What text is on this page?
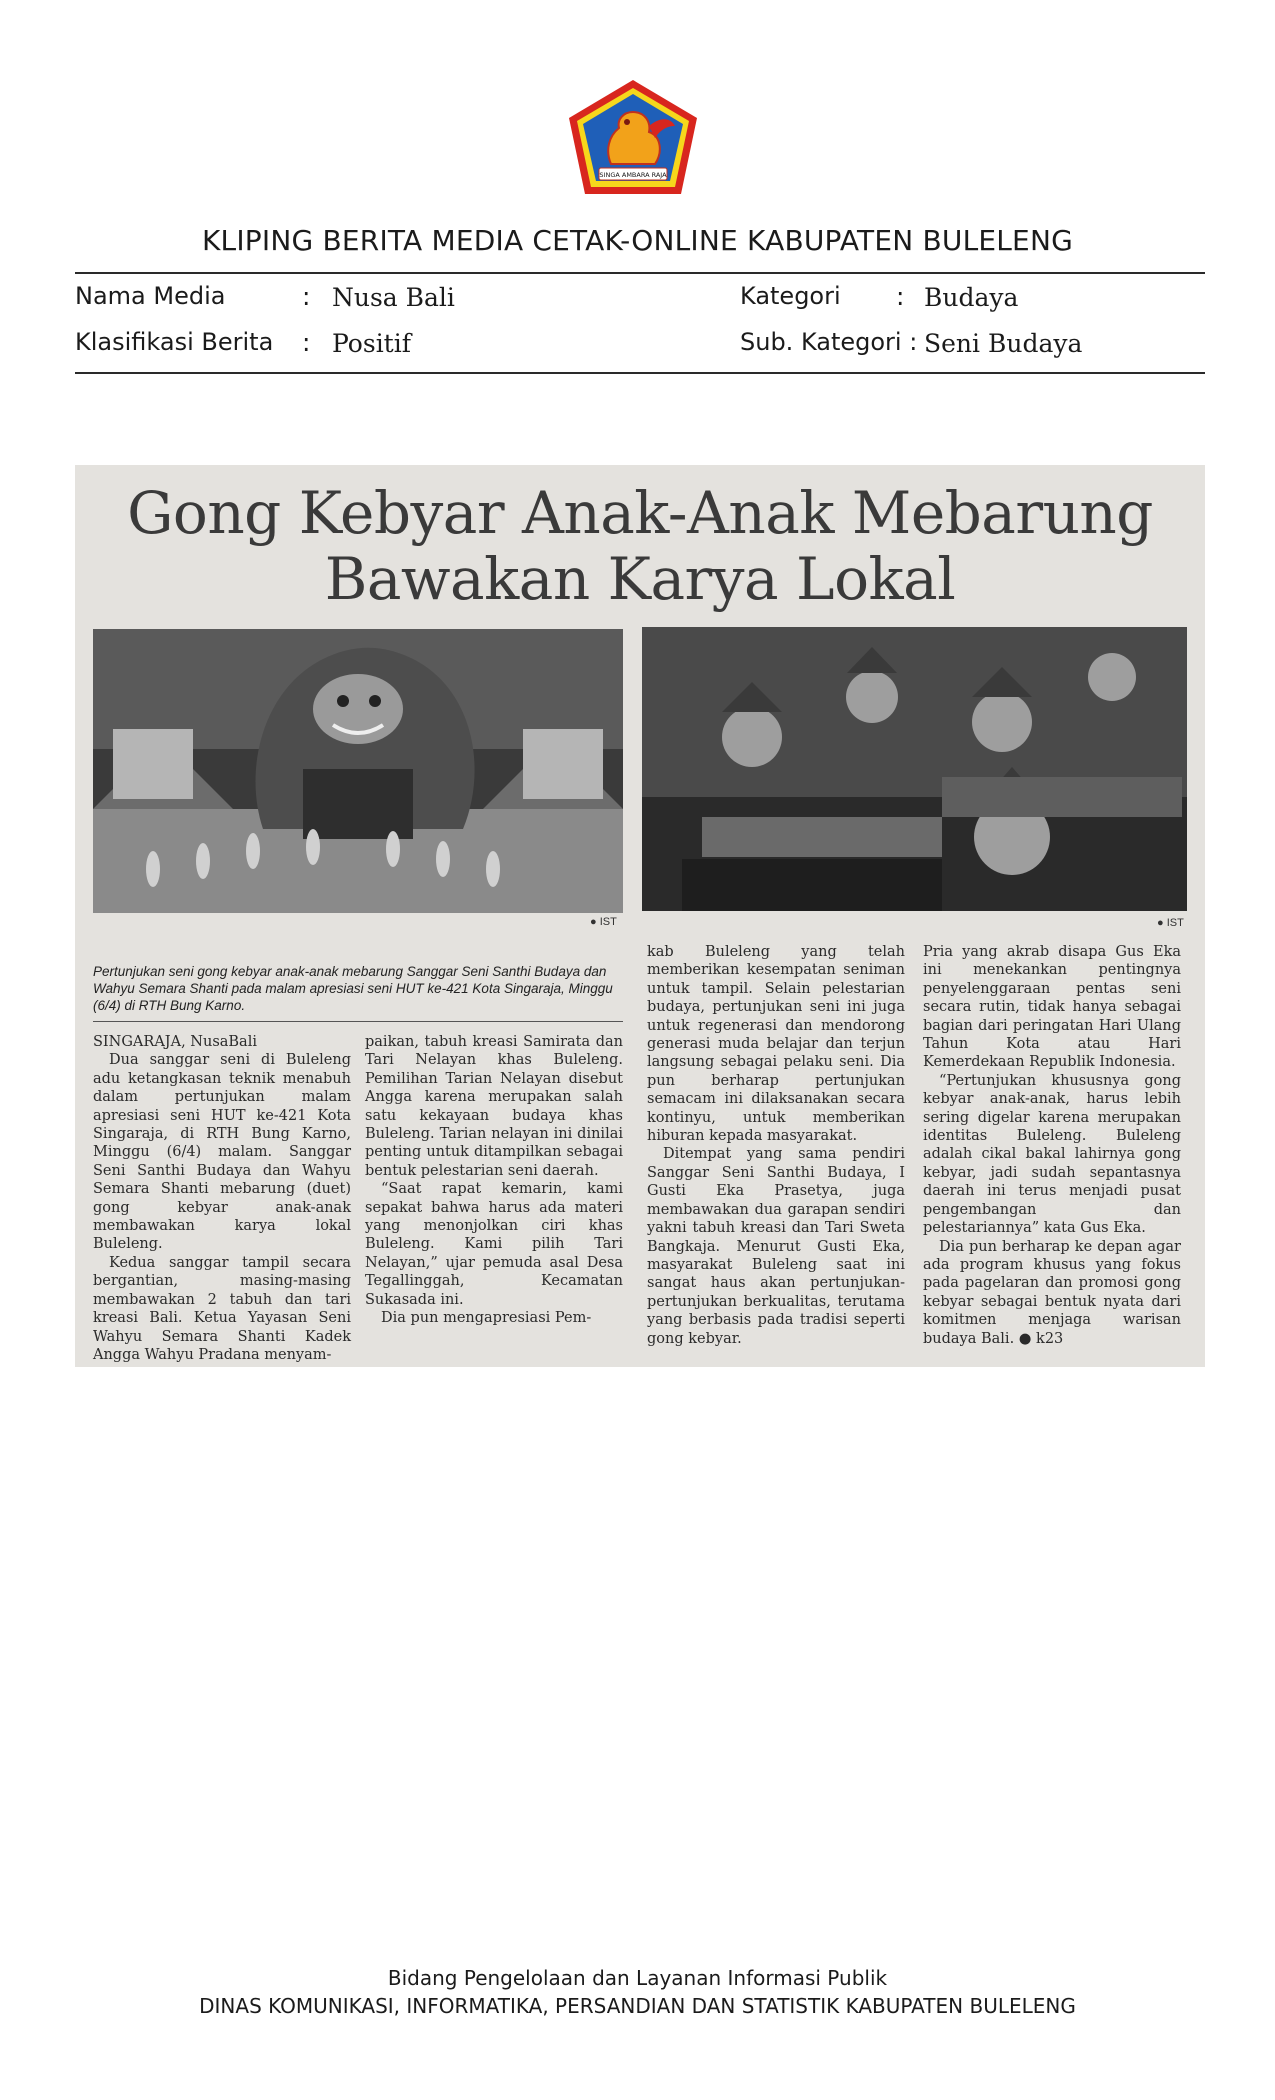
SINGA AMBARA RAJA
KLIPING BERITA MEDIA CETAK-ONLINE KABUPATEN BULELENG
Nama Media	: Nusa Bali
Klasifikasi Berita : Positif
Kategori : Budaya
Sub. Kategori : Seni Budaya
Gong Kebyar Anak-Anak Mebarung
Bawakan Karya Lokal
● IST	● IST
Pertunjukan seni gong kebyar anak-anak mebarung Sanggar Seni Santhi Budaya dan Wahyu Semara Shanti pada malam apresiasi seni HUT ke-421 Kota Singaraja, Minggu (6/4) di RTH Bung Karno.

SINGARAJA, NusaBali

Dua sanggar seni di Buleleng adu ketangkasan teknik menabuh dalam pertunjukan malam apresiasi seni HUT ke-421 Kota Singaraja, di RTH Bung Karno, Minggu (6/4) malam. Sanggar Seni Santhi Budaya dan Wahyu Semara Shanti mebarung (duet) gong kebyar anak-anak membawakan karya lokal Buleleng.

Kedua sanggar tampil secara bergantian, masing-masing membawakan 2 tabuh dan tari kreasi Bali. Ketua Yayasan Seni Wahyu Semara Shanti Kadek Angga Wahyu Pradana menyam-

paikan, tabuh kreasi Samirata dan Tari Nelayan khas Buleleng. Pemilihan Tarian Nelayan disebut Angga karena merupakan salah satu kekayaan budaya khas Buleleng. Tarian nelayan ini dinilai penting untuk ditampilkan sebagai bentuk pelestarian seni daerah.

“Saat rapat kemarin, kami sepakat bahwa harus ada materi yang menonjolkan ciri khas Buleleng. Kami pilih Tari Nelayan,” ujar pemuda asal Desa Tegallinggah, Kecamatan Sukasada ini.

Dia pun mengapresiasi Pem-

kab Buleleng yang telah memberikan kesempatan seniman untuk tampil. Selain pelestarian budaya, pertunjukan seni ini juga untuk regenerasi dan mendorong generasi muda belajar dan terjun langsung sebagai pelaku seni. Dia pun berharap pertunjukan semacam ini dilaksanakan secara kontinyu, untuk memberikan hiburan kepada masyarakat.

Ditempat yang sama pendiri Sanggar Seni Santhi Budaya, I Gusti Eka Prasetya, juga membawakan dua garapan sendiri yakni tabuh kreasi dan Tari Sweta Bangkaja. Menurut Gusti Eka, masyarakat Buleleng saat ini sangat haus akan pertunjukan-pertunjukan berkualitas, terutama yang berbasis pada tradisi seperti gong kebyar.

Pria yang akrab disapa Gus Eka ini menekankan pentingnya penyelenggaraan pentas seni secara rutin, tidak hanya sebagai bagian dari peringatan Hari Ulang Tahun Kota atau Hari Kemerdekaan Republik Indonesia.

“Pertunjukan khususnya gong kebyar anak-anak, harus lebih sering digelar karena merupakan identitas Buleleng. Buleleng adalah cikal bakal lahirnya gong kebyar, jadi sudah sepantasnya daerah ini terus menjadi pusat pengembangan dan pelestariannya” kata Gus Eka.

Dia pun berharap ke depan agar ada program khusus yang fokus pada pagelaran dan promosi gong kebyar sebagai bentuk nyata dari komitmen menjaga warisan budaya Bali. ● k23

Bidang Pengelolaan dan Layanan Informasi Publik
DINAS KOMUNIKASI, INFORMATIKA, PERSANDIAN DAN STATISTIK KABUPATEN BULELENG
